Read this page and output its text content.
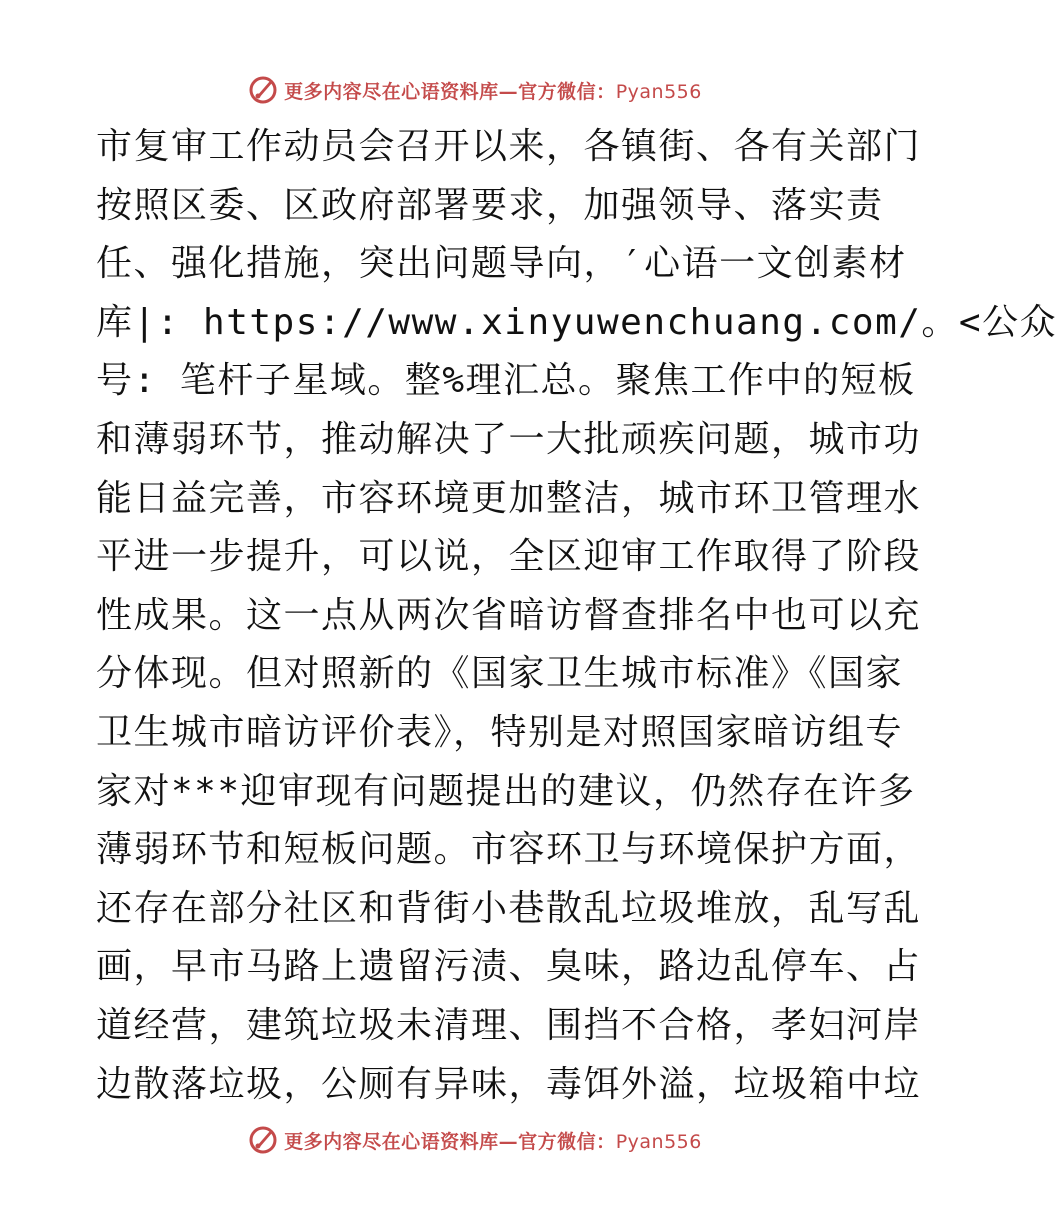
更多内容尽在心语资料库—官方微信：Pyan556
市复审工作动员会召开以来，各镇街、各有关部门
按照区委、区政府部署要求，加强领导、落实责
任、强化措施，突出问题导向，′心语一文创素材
库|: https://www.xinyuwenchuang.com/。<公众
号: 笔杆子星域。整%理汇总。聚焦工作中的短板
和薄弱环节，推动解决了一大批顽疾问题，城市功
能日益完善，市容环境更加整洁，城市环卫管理水
平进一步提升，可以说，全区迎审工作取得了阶段
性成果。这一点从两次省暗访督查排名中也可以充
分体现。但对照新的《国家卫生城市标准》《国家
卫生城市暗访评价表》，特别是对照国家暗访组专
家对***迎审现有问题提出的建议，仍然存在许多
薄弱环节和短板问题。市容环卫与环境保护方面，
还存在部分社区和背街小巷散乱垃圾堆放，乱写乱
画，早市马路上遗留污渍、臭味，路边乱停车、占
道经营，建筑垃圾未清理、围挡不合格，孝妇河岸
边散落垃圾，公厕有异味，毒饵外溢，垃圾箱中垃
更多内容尽在心语资料库—官方微信：Pyan556
